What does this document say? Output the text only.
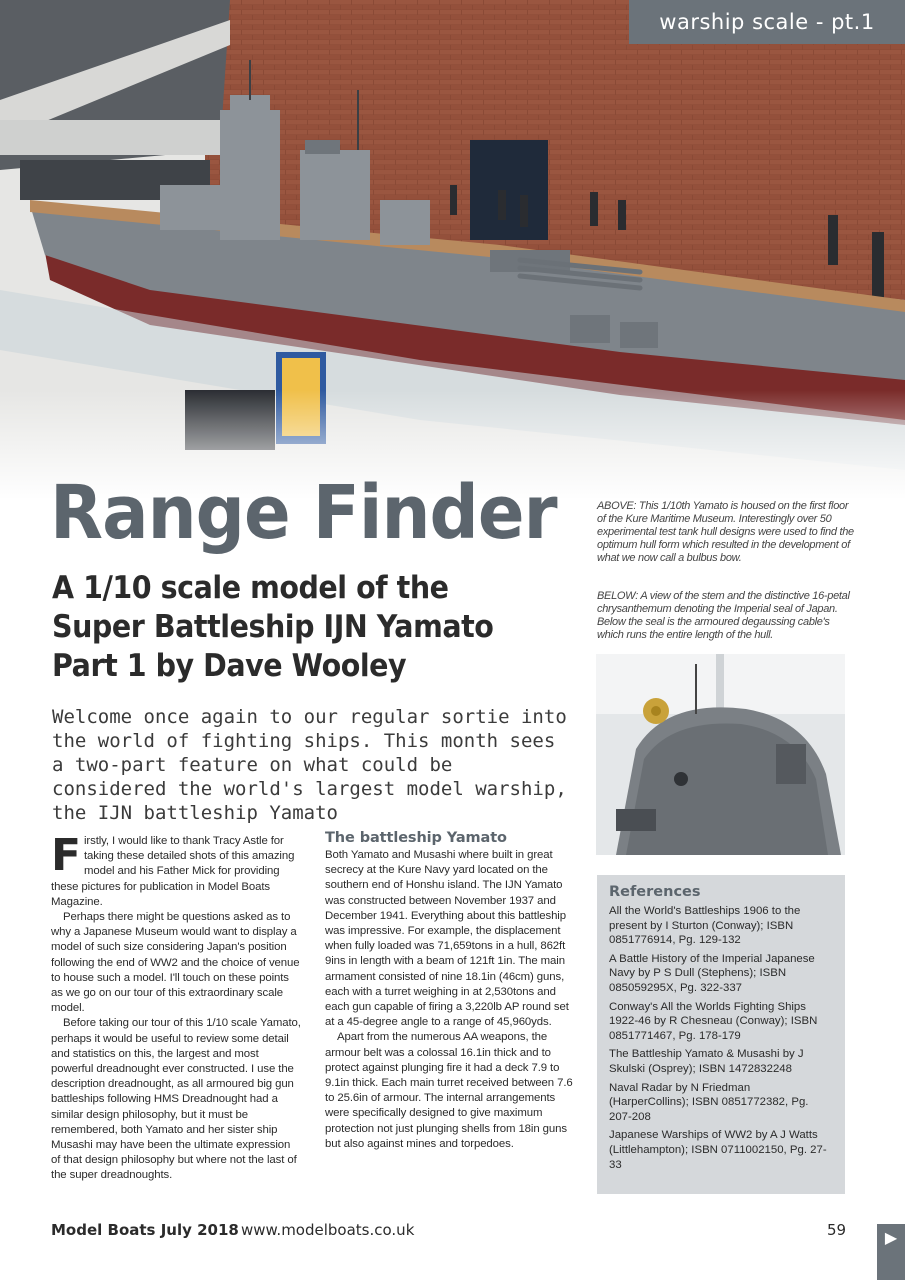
warship scale - pt.1
Range Finder
A 1/10 scale model of the
Super Battleship IJN Yamato
Part 1 by Dave Wooley
Welcome once again to our regular sortie into the world of fighting ships. This month sees a two-part feature on what could be considered the world's largest model warship, the IJN battleship Yamato
ABOVE: This 1/10th Yamato is housed on the first floor of the Kure Maritime Museum. Interestingly over 50 experimental test tank hull designs were used to find the optimum hull form which resulted in the development of what we now call a bulbus bow.
BELOW: A view of the stem and the distinctive 16-petal chrysanthemum denoting the Imperial seal of Japan. Below the seal is the armoured degaussing cable's which runs the entire length of the hull.

Firstly, I would like to thank Tracy Astle for taking these detailed shots of this amazing model and his Father Mick for providing these pictures for publication in Model Boats Magazine.

Perhaps there might be questions asked as to why a Japanese Museum would want to display a model of such size considering Japan's position following the end of WW2 and the choice of venue to house such a model. I'll touch on these points as we go on our tour of this extraordinary scale model.

Before taking our tour of this 1/10 scale Yamato, perhaps it would be useful to review some detail and statistics on this, the largest and most powerful dreadnought ever constructed. I use the description dreadnought, as all armoured big gun battleships following HMS Dreadnought had a similar design philosophy, but it must be remembered, both Yamato and her sister ship Musashi may have been the ultimate expression of that design philosophy but where not the last of the super dreadnoughts.

The battleship Yamato

Both Yamato and Musashi where built in great secrecy at the Kure Navy yard located on the southern end of Honshu island. The IJN Yamato was constructed between November 1937 and December 1941. Everything about this battleship was impressive. For example, the displacement when fully loaded was 71,659tons in a hull, 862ft 9ins in length with a beam of 121ft 1in. The main armament consisted of nine 18.1in (46cm) guns, each with a turret weighing in at 2,530tons and each gun capable of firing a 3,220lb AP round set at a 45-degree angle to a range of 45,960yds.

Apart from the numerous AA weapons, the armour belt was a colossal 16.1in thick and to protect against plunging fire it had a deck 7.9 to 9.1in thick. Each main turret received between 7.6 to 25.6in of armour. The internal arrangements were specifically designed to give maximum protection not just plunging shells from 18in guns but also against mines and torpedoes.

References
All the World's Battleships 1906 to the present by I Sturton (Conway); ISBN 0851776914, Pg. 129-132
A Battle History of the Imperial Japanese Navy by P S Dull (Stephens); ISBN 085059295X, Pg. 322-337
Conway's All the Worlds Fighting Ships 1922-46 by R Chesneau (Conway); ISBN 0851771467, Pg. 178-179
The Battleship Yamato & Musashi by J Skulski (Osprey); ISBN 1472832248
Naval Radar by N Friedman (HarperCollins); ISBN 0851772382, Pg. 207-208
Japanese Warships of WW2 by A J Watts (Littlehampton); ISBN 0711002150, Pg. 27-33
Model Boats July 2018 www.modelboats.co.uk	59 ▶
